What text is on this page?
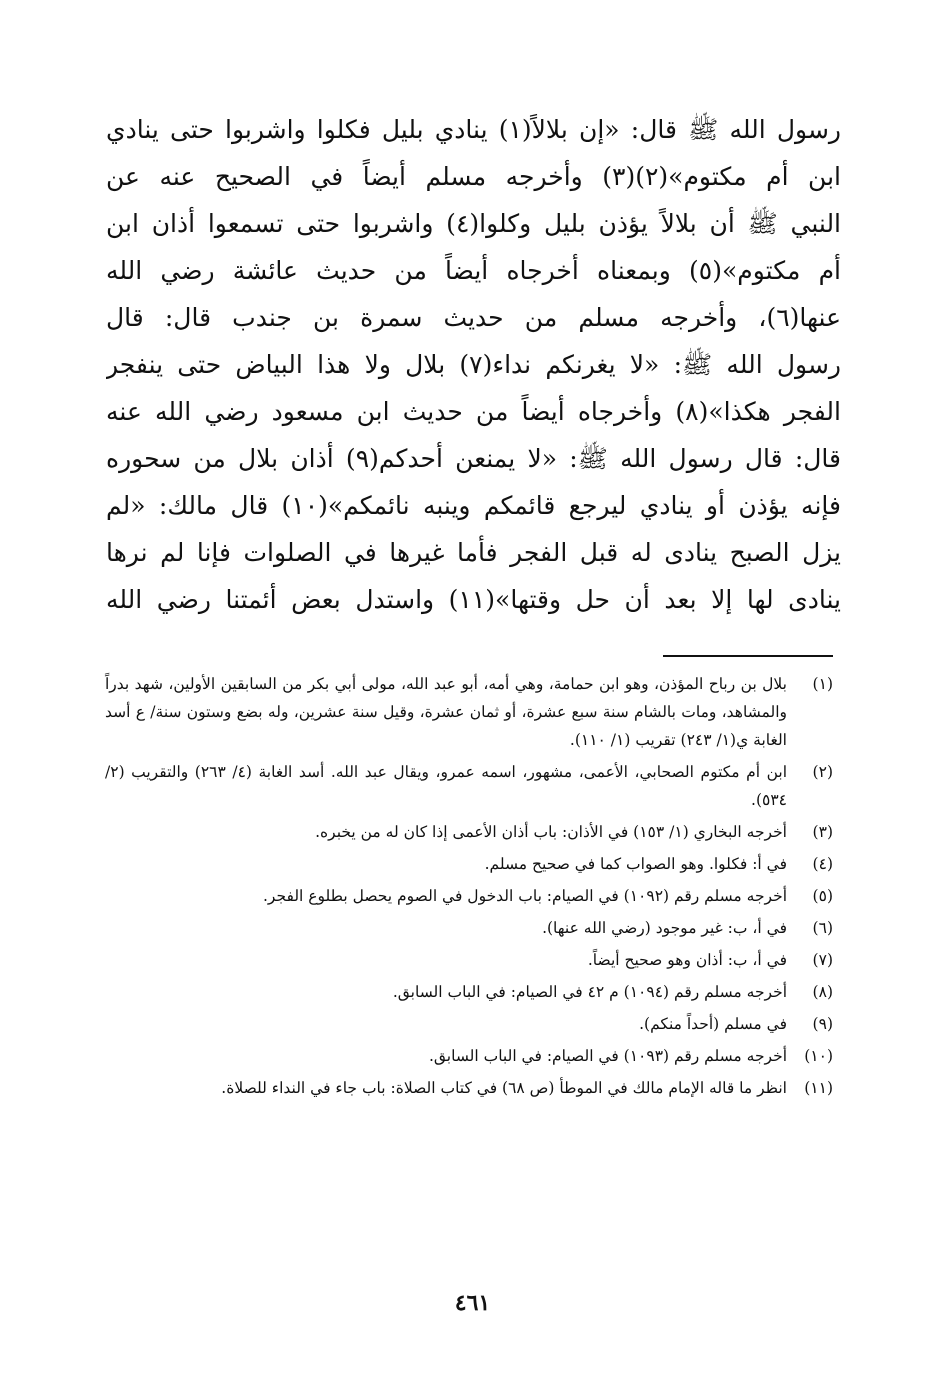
رسول الله ﷺ قال: «إن بلالاً(١) ينادي بليل فكلوا واشربوا حتى ينادي
ابن أم مكتوم»(٢)(٣) وأخرجه مسلم أيضاً في الصحيح عنه عن
النبي ﷺ أن بلالاً يؤذن بليل وكلوا(٤) واشربوا حتى تسمعوا أذان ابن
أم مكتوم»(٥) وبمعناه أخرجاه أيضاً من حديث عائشة رضي الله
عنها(٦)، وأخرجه مسلم من حديث سمرة بن جندب قال: قال
رسول الله ﷺ: «لا يغرنكم نداء(٧) بلال ولا هذا البياض حتى ينفجر
الفجر هكذا»(٨) وأخرجاه أيضاً من حديث ابن مسعود رضي الله عنه
قال: قال رسول الله ﷺ: «لا يمنعن أحدكم(٩) أذان بلال من سحوره
فإنه يؤذن أو ينادي ليرجع قائمكم وينبه نائمكم»(١٠) قال مالك: «لم
يزل الصبح ينادى له قبل الفجر فأما غيرها في الصلوات فإنا لم نرها
ينادى لها إلا بعد أن حل وقتها»(١١) واستدل بعض أئمتنا رضي الله
(١)
بلال بن رباح المؤذن، وهو ابن حمامة، وهي أمه، أبو عبد الله، مولى أبي بكر من السابقين الأولين، شهد بدراً والمشاهد، ومات بالشام سنة سبع عشرة، أو ثمان عشرة، وقيل سنة عشرين، وله بضع وستون سنة/ ع أسد الغابة ي(١/ ٢٤٣) تقريب (١/ ١١٠).
(٢)
ابن أم مكتوم الصحابي، الأعمى، مشهور، اسمه عمرو، ويقال عبد الله. أسد الغابة (٤/ ٢٦٣) والتقريب (٢/ ٥٣٤).
(٣)
أخرجه البخاري (١/ ١٥٣) في الأذان: باب أذان الأعمى إذا كان له من يخبره.
(٤)
في أ: فكلوا. وهو الصواب كما في صحيح مسلم.
(٥)
أخرجه مسلم رقم (١٠٩٢) في الصيام: باب الدخول في الصوم يحصل بطلوع الفجر.
(٦)
في أ، ب: غير موجود (رضي الله عنها).
(٧)
في أ، ب: أذان وهو صحيح أيضاً.
(٨)
أخرجه مسلم رقم (١٠٩٤) م ٤٢ في الصيام: في الباب السابق.
(٩)
في مسلم (أحداً منكم).
(١٠)
أخرجه مسلم رقم (١٠٩٣) في الصيام: في الباب السابق.
(١١)
انظر ما قاله الإمام مالك في الموطأ (ص ٦٨) في كتاب الصلاة: باب جاء في النداء للصلاة.
٤٦١
